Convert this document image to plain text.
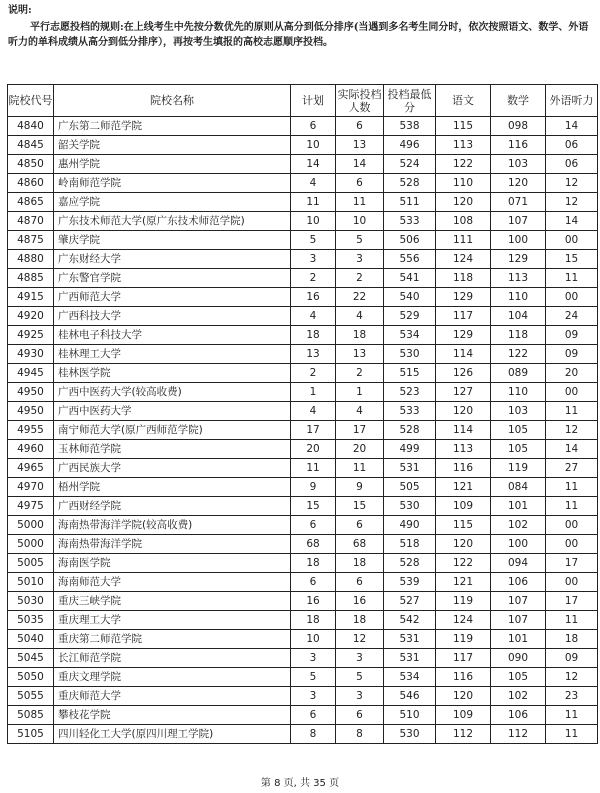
说明:
平行志愿投档的规则:在上线考生中先按分数优先的原则从高分到低分排序(当遇到多名考生同分时，依次按照语文、数学、外语听力的单科成绩从高分到低分排序），再按考生填报的高校志愿顺序投档。
院校代号	院校名称	计划	实际投档人数	投档最低分	语文	数学	外语听力
4840	广东第二师范学院	6	6	538	115	098	14
4845	韶关学院	10	13	496	113	116	06
4850	惠州学院	14	14	524	122	103	06
4860	岭南师范学院	4	6	528	110	120	12
4865	嘉应学院	11	11	511	120	071	12
4870	广东技术师范大学(原广东技术师范学院)	10	10	533	108	107	14
4875	肇庆学院	5	5	506	111	100	00
4880	广东财经大学	3	3	556	124	129	15
4885	广东警官学院	2	2	541	118	113	11
4915	广西师范大学	16	22	540	129	110	00
4920	广西科技大学	4	4	529	117	104	24
4925	桂林电子科技大学	18	18	534	129	118	09
4930	桂林理工大学	13	13	530	114	122	09
4945	桂林医学院	2	2	515	126	089	20
4950	广西中医药大学(较高收费)	1	1	523	127	110	00
4950	广西中医药大学	4	4	533	120	103	11
4955	南宁师范大学(原广西师范学院)	17	17	528	114	105	12
4960	玉林师范学院	20	20	499	113	105	14
4965	广西民族大学	11	11	531	116	119	27
4970	梧州学院	9	9	505	121	084	11
4975	广西财经学院	15	15	530	109	101	11
5000	海南热带海洋学院(较高收费)	6	6	490	115	102	00
5000	海南热带海洋学院	68	68	518	120	100	00
5005	海南医学院	18	18	528	122	094	17
5010	海南师范大学	6	6	539	121	106	00
5030	重庆三峡学院	16	16	527	119	107	17
5035	重庆理工大学	18	18	542	124	107	11
5040	重庆第二师范学院	10	12	531	119	101	18
5045	长江师范学院	3	3	531	117	090	09
5050	重庆文理学院	5	5	534	116	105	12
5055	重庆师范大学	3	3	546	120	102	23
5085	攀枝花学院	6	6	510	109	106	11
5105	四川轻化工大学(原四川理工学院)	8	8	530	112	112	11
第 8 页, 共 35 页
